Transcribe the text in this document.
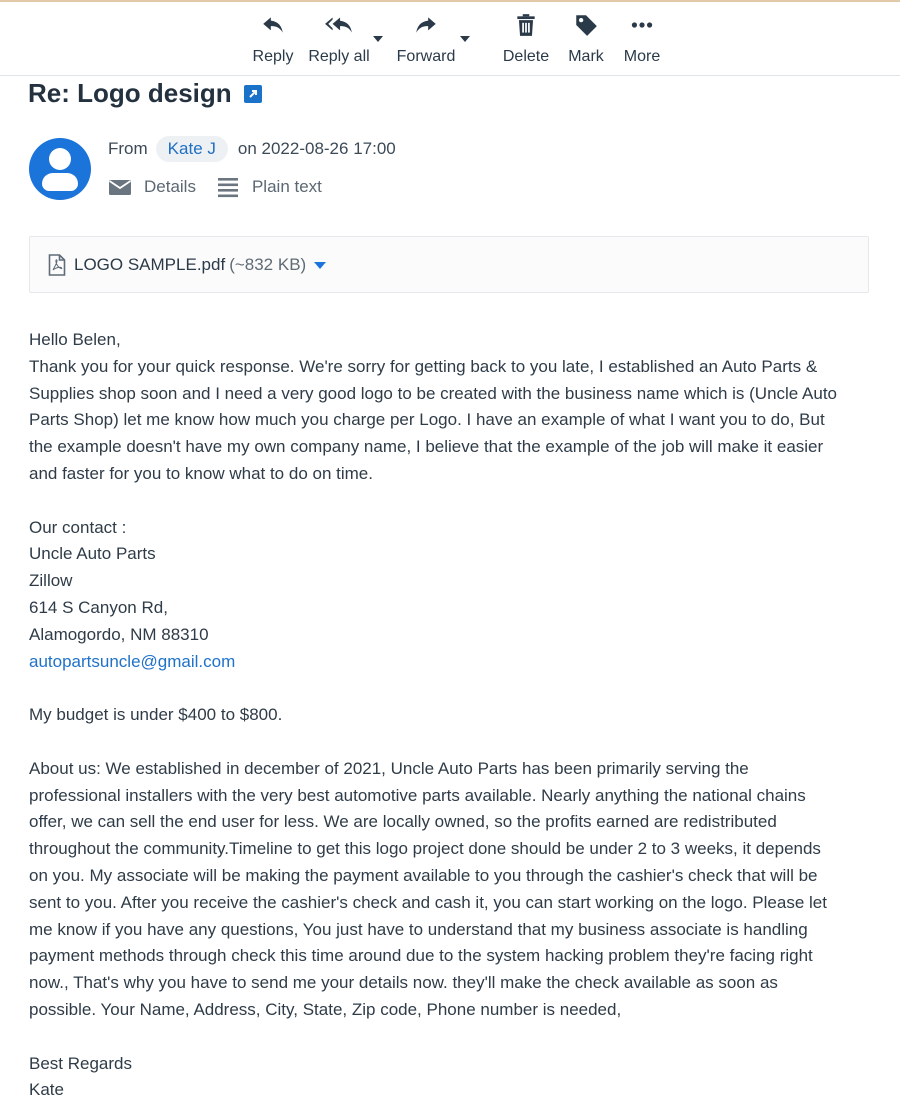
Reply Reply all Forward	Delete Mark More
Re: Logo design
From	Kate J	on 2022-08-26 17:00
Details	Plain text
LOGO SAMPLE.pdf (~832 KB)
Hello Belen,
Thank you for your quick response. We're sorry for getting back to you late, I established an Auto Parts &
Supplies shop soon and I need a very good logo to be created with the business name which is (Uncle Auto
Parts Shop) let me know how much you charge per Logo. I have an example of what I want you to do, But
the example doesn't have my own company name, I believe that the example of the job will make it easier
and faster for you to know what to do on time.

Our contact :
Uncle Auto Parts
Zillow
614 S Canyon Rd,
Alamogordo, NM 88310
autopartsuncle@gmail.com

My budget is under $400 to $800.

About us: We established in december of 2021, Uncle Auto Parts has been primarily serving the
professional installers with the very best automotive parts available. Nearly anything the national chains
offer, we can sell the end user for less. We are locally owned, so the profits earned are redistributed
throughout the community.Timeline to get this logo project done should be under 2 to 3 weeks, it depends
on you. My associate will be making the payment available to you through the cashier's check that will be
sent to you. After you receive the cashier's check and cash it, you can start working on the logo. Please let
me know if you have any questions, You just have to understand that my business associate is handling
payment methods through check this time around due to the system hacking problem they're facing right
now., That's why you have to send me your details now. they'll make the check available as soon as
possible. Your Name, Address, City, State, Zip code, Phone number is needed,

Best Regards
Kate
